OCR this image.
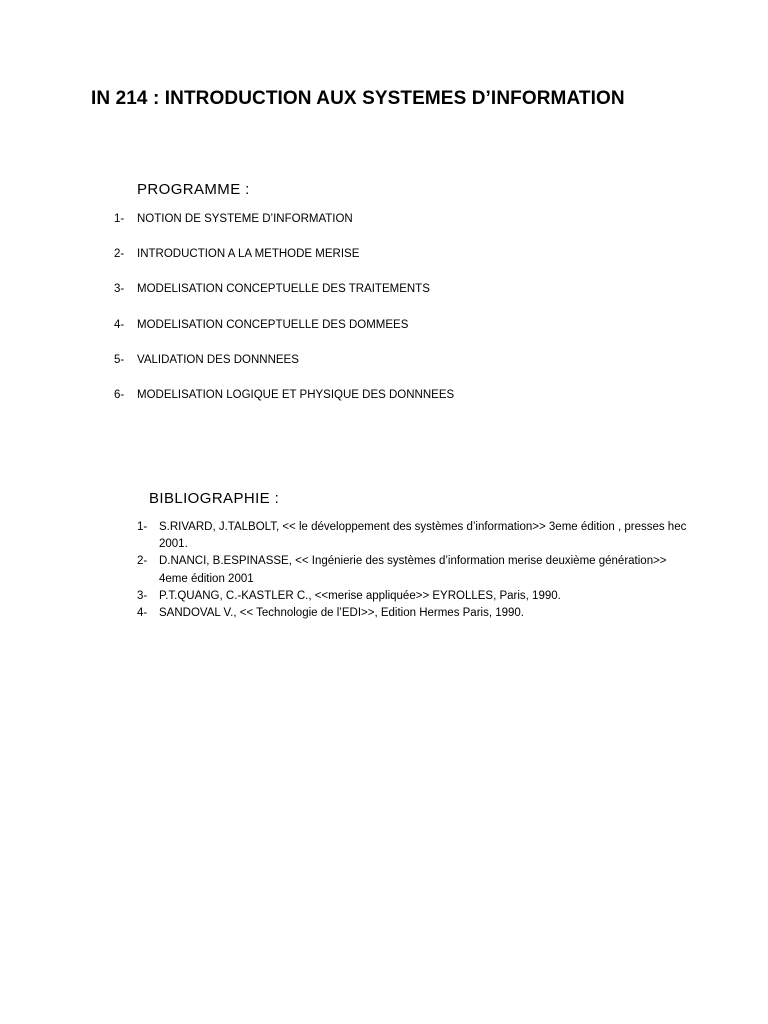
IN 214 : INTRODUCTION AUX SYSTEMES D’INFORMATION
PROGRAMME :
1-	NOTION DE SYSTEME D’INFORMATION
2-	INTRODUCTION A LA METHODE MERISE
3-	MODELISATION CONCEPTUELLE DES TRAITEMENTS
4-	MODELISATION CONCEPTUELLE DES DOMMEES
5-	VALIDATION DES DONNNEES
6-	MODELISATION LOGIQUE ET PHYSIQUE DES DONNNEES
BIBLIOGRAPHIE :
1-	S.RIVARD, J.TALBOLT, << le développement des systèmes d’information>> 3eme édition , presses hec 2001.
2-	D.NANCI, B.ESPINASSE, << Ingénierie des systèmes d’information merise deuxième génération>> 4eme édition 2001
3-	P.T.QUANG, C.-KASTLER C., <<merise appliquée>> EYROLLES, Paris, 1990.
4-	SANDOVAL V., << Technologie de l’EDI>>, Edition Hermes Paris, 1990.
